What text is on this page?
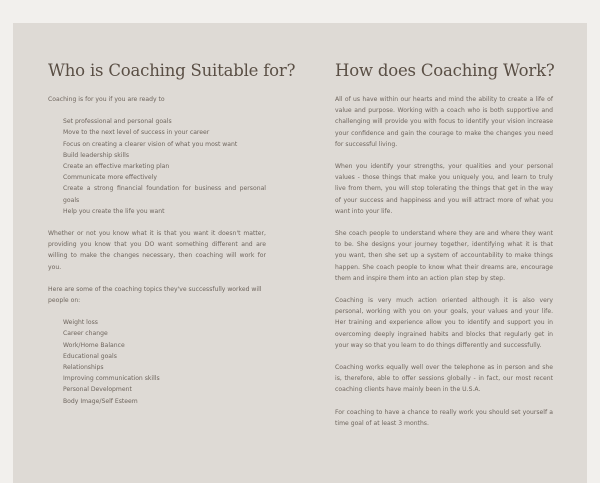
Who is Coaching Suitable for?

Coaching is for you if you are ready to

Set professional and personal goals
Move to the next level of success in your career
Focus on creating a clearer vision of what you most want
Build leadership skills
Create an effective marketing plan
Communicate more effectively
Create a strong financial foundation for business and personal goals
Help you create the life you want

Whether or not you know what it is that you want it doesn't matter, providing you know that you DO want something different and are willing to make the changes necessary, then coaching will work for you.

Here are some of the coaching topics they've successfully worked will people on:

Weight loss
Career change
Work/Home Balance
Educational goals
Relationships
Improving communication skills
Personal Development
Body Image/Self Esteem
How does Coaching Work?

All of us have within our hearts and mind the ability to create a life of value and purpose. Working with a coach who is both supportive and challenging will provide you with focus to identify your vision increase your confidence and gain the courage to make the changes you need for successful living.

When you identify your strengths, your qualities and your personal values - those things that make you uniquely you, and learn to truly live from them, you will stop tolerating the things that get in the way of your success and happiness and you will attract more of what you want into your life.

She coach people to understand where they are and where they want to be. She designs your journey together, identifying what it is that you want, then she set up a system of accountability to make things happen. She coach people to know what their dreams are, encourage them and inspire them into an action plan step by step.

Coaching is very much action oriented although it is also very personal, working with you on your goals, your values and your life. Her training and experience allow you to identify and support you in overcoming deeply ingrained habits and blocks that regularly get in your way so that you learn to do things differently and successfully.

Coaching works equally well over the telephone as in person and she is, therefore, able to offer sessions globally - in fact, our most recent coaching clients have mainly been in the U.S.A.

For coaching to have a chance to really work you should set yourself a time goal of at least 3 months.
